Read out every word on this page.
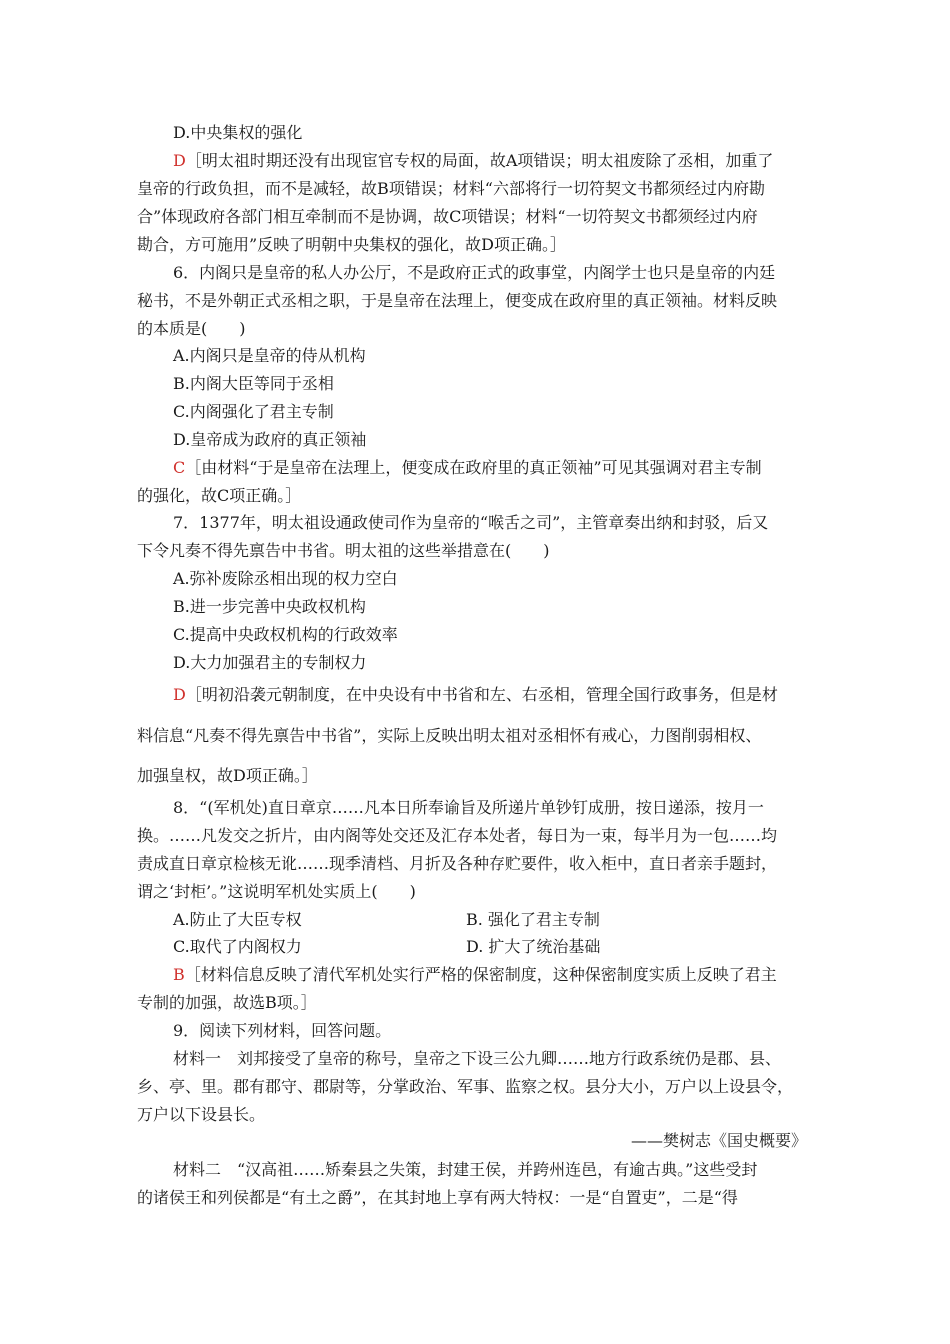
D.中央集权的强化
D［明太祖时期还没有出现宦官专权的局面，故A项错误；明太祖废除了丞相，加重了
皇帝的行政负担，而不是减轻，故B项错误；材料“六部将行一切符契文书都须经过内府勘
合”体现政府各部门相互牵制而不是协调，故C项错误；材料“一切符契文书都须经过内府
勘合，方可施用”反映了明朝中央集权的强化，故D项正确。］
6．内阁只是皇帝的私人办公厅，不是政府正式的政事堂，内阁学士也只是皇帝的内廷
秘书，不是外朝正式丞相之职，于是皇帝在法理上，便变成在政府里的真正领袖。材料反映
的本质是(　　)
A.内阁只是皇帝的侍从机构
B.内阁大臣等同于丞相
C.内阁强化了君主专制
D.皇帝成为政府的真正领袖
C［由材料“于是皇帝在法理上，便变成在政府里的真正领袖”可见其强调对君主专制
的强化，故C项正确。］
7．1377年，明太祖设通政使司作为皇帝的“喉舌之司”，主管章奏出纳和封驳，后又
下令凡奏不得先禀告中书省。明太祖的这些举措意在(　　)
A.弥补废除丞相出现的权力空白
B.进一步完善中央政权机构
C.提高中央政权机构的行政效率
D.大力加强君主的专制权力
D［明初沿袭元朝制度，在中央设有中书省和左、右丞相，管理全国行政事务，但是材
料信息“凡奏不得先禀告中书省”，实际上反映出明太祖对丞相怀有戒心，力图削弱相权、
加强皇权，故D项正确。］
8．“(军机处)直日章京……凡本日所奉谕旨及所递片单钞钉成册，按日递添，按月一
换。……凡发交之折片，由内阁等处交还及汇存本处者，每日为一束，每半月为一包……均
责成直日章京检核无讹……现季清档、月折及各种存贮要件，收入柜中，直日者亲手题封，
谓之‘封柜’。”这说明军机处实质上(　　)
A.防止了大臣专权	B. 强化了君主专制
C.取代了内阁权力	D. 扩大了统治基础
B［材料信息反映了清代军机处实行严格的保密制度，这种保密制度实质上反映了君主
专制的加强，故选B项。］
9．阅读下列材料，回答问题。
材料一　刘邦接受了皇帝的称号，皇帝之下设三公九卿……地方行政系统仍是郡、县、
乡、亭、里。郡有郡守、郡尉等，分掌政治、军事、监察之权。县分大小，万户以上设县令，
万户以下设县长。
——樊树志《国史概要》
材料二　“汉高祖……矫秦县之失策，封建王侯，并跨州连邑，有逾古典。”这些受封
的诸侯王和列侯都是“有土之爵”，在其封地上享有两大特权：一是“自置吏”，二是“得
